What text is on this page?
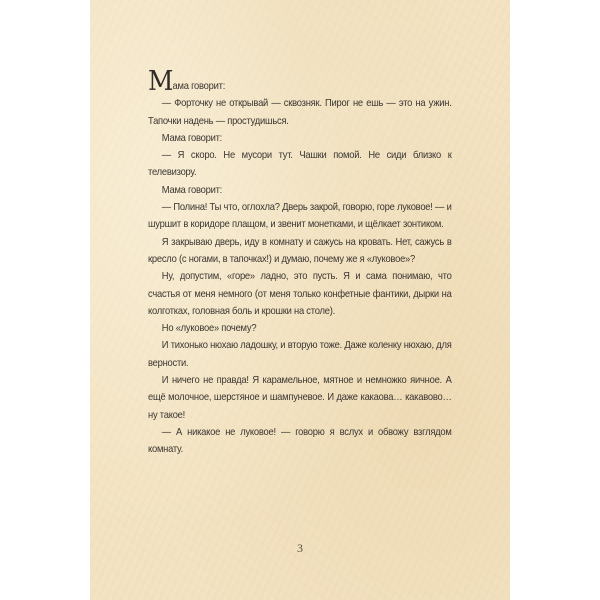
Мама говорит:

— Форточку не открывай — сквозняк. Пирог не ешь — это на ужин. Тапочки надень — простудишься.

Мама говорит:

— Я скоро. Не мусори тут. Чашки помой. Не сиди близко к телевизору.

Мама говорит:

— Полина! Ты что, оглохла? Дверь закрой, говорю, горе луковое! — и шуршит в коридоре плащом, и звенит монетками, и щёлкает зонтиком.

Я закрываю дверь, иду в комнату и сажусь на кровать. Нет, сажусь в кресло (с ногами, в тапочках!) и думаю, почему же я «луковое»?

Ну, допустим, «горе» ладно, это пусть. Я и сама понимаю, что счастья от меня немного (от меня только конфетные фантики, дырки на колготках, головная боль и крошки на столе).

Но «луковое» почему?

И тихонько нюхаю ладошку, и вторую тоже. Даже коленку нюхаю, для верности.

И ничего не правда! Я карамельное, мятное и немножко яичное. А ещё молочное, шерстяное и шампуневое. И даже какаова… какавово… ну такое!

— А никакое не луковое! — говорю я вслух и обвожу взглядом комнату.

3
